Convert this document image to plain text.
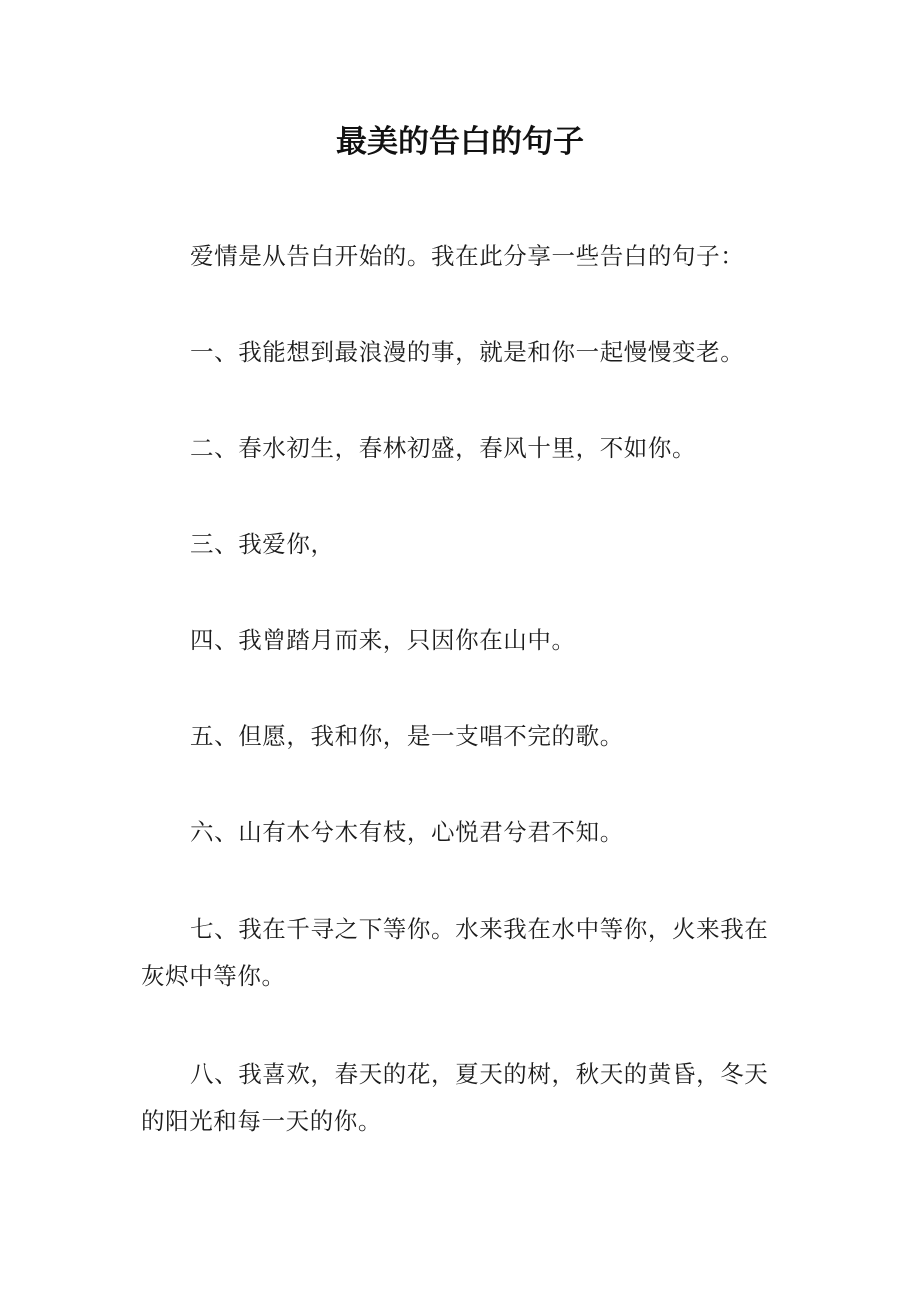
最美的告白的句子

爱情是从告白开始的。我在此分享一些告白的句子：

一、我能想到最浪漫的事，就是和你一起慢慢变老。

二、春水初生，春林初盛，春风十里，不如你。

三、我爱你，

四、我曾踏月而来，只因你在山中。

五、但愿，我和你，是一支唱不完的歌。

六、山有木兮木有枝，心悦君兮君不知。

七、我在千寻之下等你。水来我在水中等你，火来我在灰烬中等你。

八、我喜欢，春天的花，夏天的树，秋天的黄昏，冬天的阳光和每一天的你。
